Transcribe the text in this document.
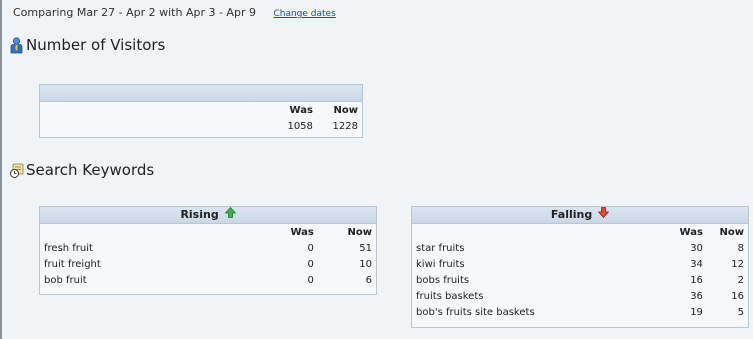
Comparing Mar 27 - Apr 2 with Apr 3 - Apr 9 Change dates
Number of Visitors
Was	Now
1058	1228
Search Keywords
Rising
	Was	Now
fresh fruit	0	51
fruit freight	0	10
bob fruit	0	6
Falling
	Was	Now
star fruits	30	8
kiwi fruits	34	12
bobs fruits	16	2
fruits baskets	36	16
bob's fruits site baskets	19	5
